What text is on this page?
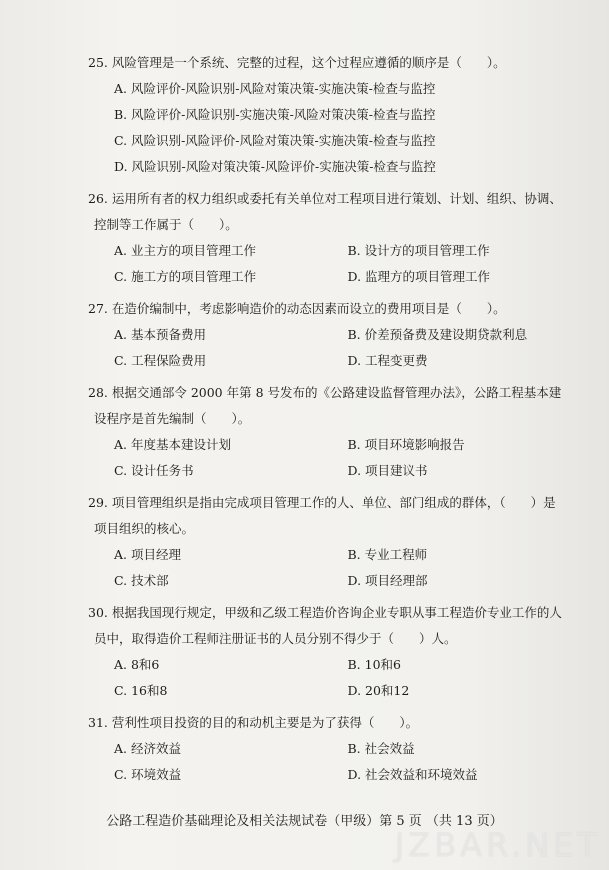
25. 风险管理是一个系统、完整的过程，这个过程应遵循的顺序是（　　）。
A. 风险评价-风险识别-风险对策决策-实施决策-检查与监控
B. 风险评价-风险识别-实施决策-风险对策决策-检查与监控
C. 风险识别-风险评价-风险对策决策-实施决策-检查与监控
D. 风险识别-风险对策决策-风险评价-实施决策-检查与监控
26. 运用所有者的权力组织或委托有关单位对工程项目进行策划、计划、组织、协调、
控制等工作属于（　　）。
A. 业主方的项目管理工作	B. 设计方的项目管理工作
C. 施工方的项目管理工作	D. 监理方的项目管理工作
27. 在造价编制中，考虑影响造价的动态因素而设立的费用项目是（　　）。
A. 基本预备费用	B. 价差预备费及建设期贷款利息
C. 工程保险费用	D. 工程变更费
28. 根据交通部令 2000 年第 8 号发布的《公路建设监督管理办法》，公路工程基本建
设程序是首先编制（　　）。
A. 年度基本建设计划	B. 项目环境影响报告
C. 设计任务书	D. 项目建议书
29. 项目管理组织是指由完成项目管理工作的人、单位、部门组成的群体，（　　）是
项目组织的核心。
A. 项目经理	B. 专业工程师
C. 技术部	D. 项目经理部
30. 根据我国现行规定，甲级和乙级工程造价咨询企业专职从事工程造价专业工作的人
员中，取得造价工程师注册证书的人员分别不得少于（　　）人。
A. 8和6	B. 10和6
C. 16和8	D. 20和12
31. 营利性项目投资的目的和动机主要是为了获得（　　）。
A. 经济效益	B. 社会效益
C. 环境效益	D. 社会效益和环境效益
公路工程造价基础理论及相关法规试卷（甲级）第 5 页 （共 13 页）
JZBAR.NET
